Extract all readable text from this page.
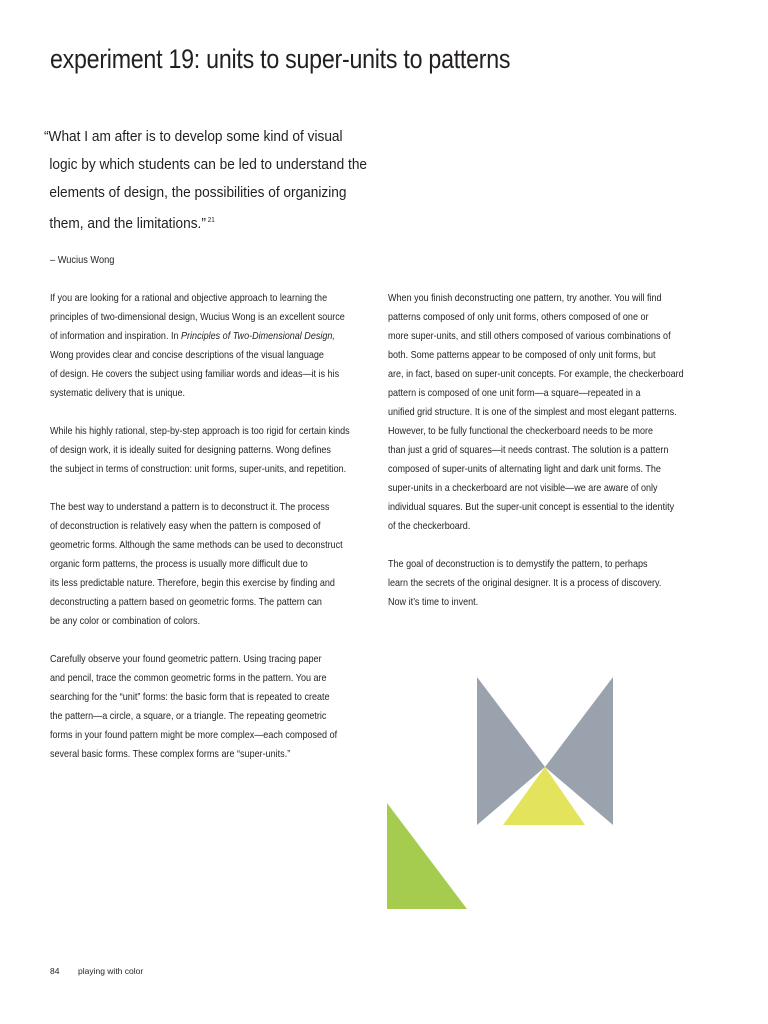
experiment 19: units to super-units to patterns
“What I am after is to develop some kind of visual
logic by which students can be led to understand the
elements of design, the possibilities of organizing
them, and the limitations.” $^{21}$

– Wucius Wong

If you are looking for a rational and objective approach to learning the
principles of two-dimensional design, Wucius Wong is an excellent source
of information and inspiration. In Principles of Two-Dimensional Design,
Wong provides clear and concise descriptions of the visual language
of design. He covers the subject using familiar words and ideas—it is his
systematic delivery that is unique.

While his highly rational, step-by-step approach is too rigid for certain kinds
of design work, it is ideally suited for designing patterns. Wong defines
the subject in terms of construction: unit forms, super-units, and repetition.

The best way to understand a pattern is to deconstruct it. The process
of deconstruction is relatively easy when the pattern is composed of
geometric forms. Although the same methods can be used to deconstruct
organic form patterns, the process is usually more difficult due to
its less predictable nature. Therefore, begin this exercise by finding and
deconstructing a pattern based on geometric forms. The pattern can
be any color or combination of colors.

Carefully observe your found geometric pattern. Using tracing paper
and pencil, trace the common geometric forms in the pattern. You are
searching for the “unit” forms: the basic form that is repeated to create
the pattern—a circle, a square, or a triangle. The repeating geometric
forms in your found pattern might be more complex—each composed of
several basic forms. These complex forms are “super-units.”

When you finish deconstructing one pattern, try another. You will find
patterns composed of only unit forms, others composed of one or
more super-units, and still others composed of various combinations of
both. Some patterns appear to be composed of only unit forms, but
are, in fact, based on super-unit concepts. For example, the checkerboard
pattern is composed of one unit form—a square—repeated in a
unified grid structure. It is one of the simplest and most elegant patterns.
However, to be fully functional the checkerboard needs to be more
than just a grid of squares—it needs contrast. The solution is a pattern
composed of super-units of alternating light and dark unit forms. The
super-units in a checkerboard are not visible—we are aware of only
individual squares. But the super-unit concept is essential to the identity
of the checkerboard.

The goal of deconstruction is to demystify the pattern, to perhaps
learn the secrets of the original designer. It is a process of discovery.
Now it’s time to invent.

84 playing with color
